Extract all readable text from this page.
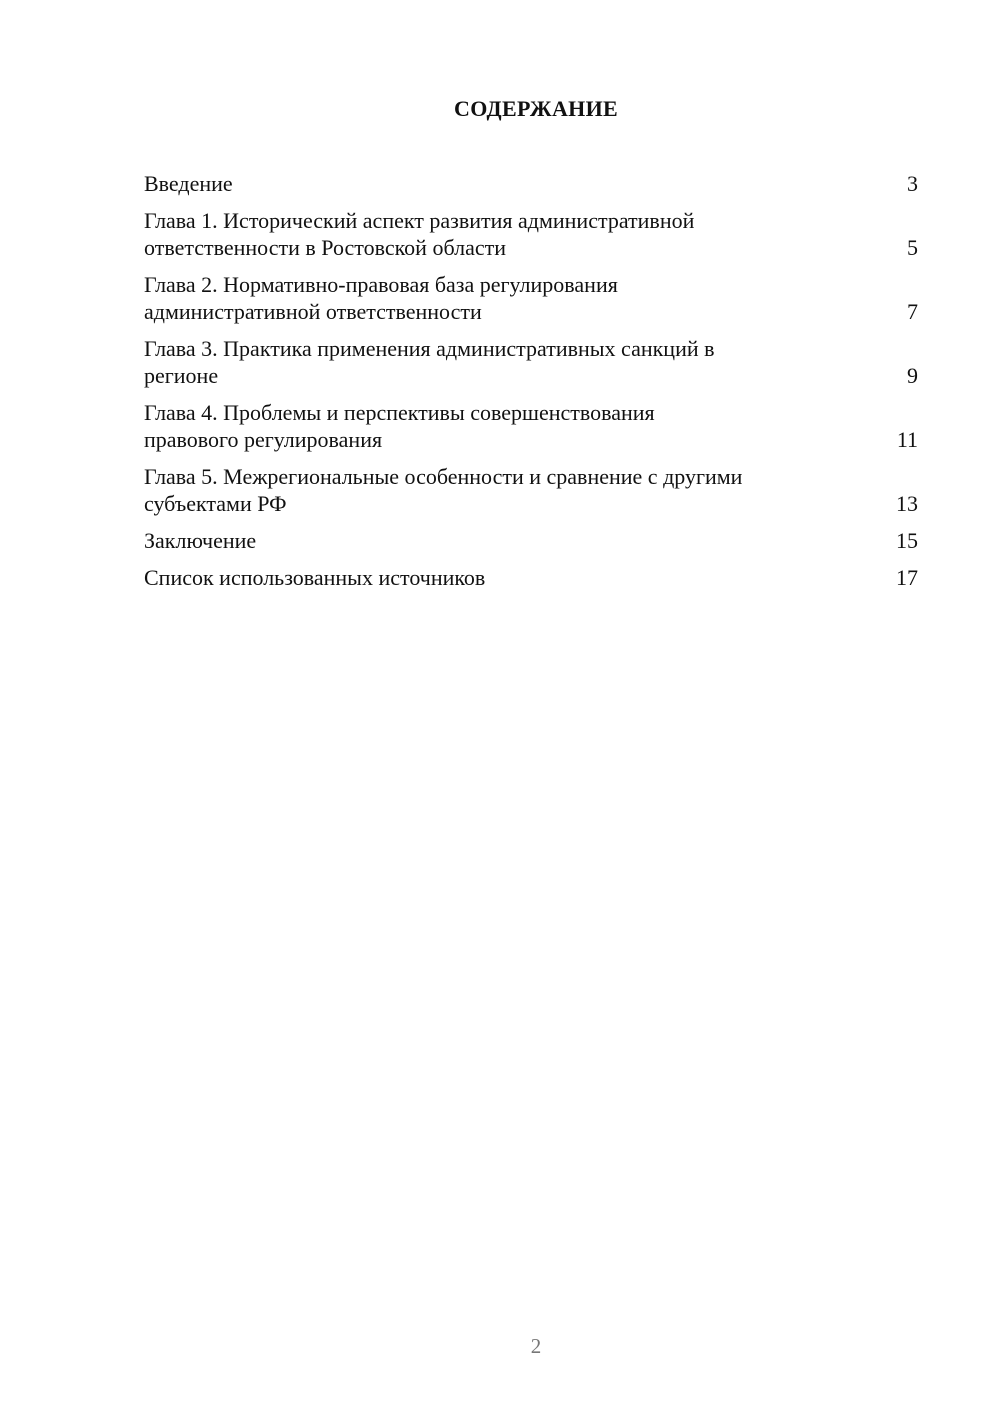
СОДЕРЖАНИЕ
Введение	3
Глава 1. Исторический аспект развития административной
ответственности в Ростовской области	5
Глава 2. Нормативно-правовая база регулирования
административной ответственности	7
Глава 3. Практика применения административных санкций в
регионе	9
Глава 4. Проблемы и перспективы совершенствования
правового регулирования	11
Глава 5. Межрегиональные особенности и сравнение с другими
субъектами РФ	13
Заключение	15
Список использованных источников	17
2
